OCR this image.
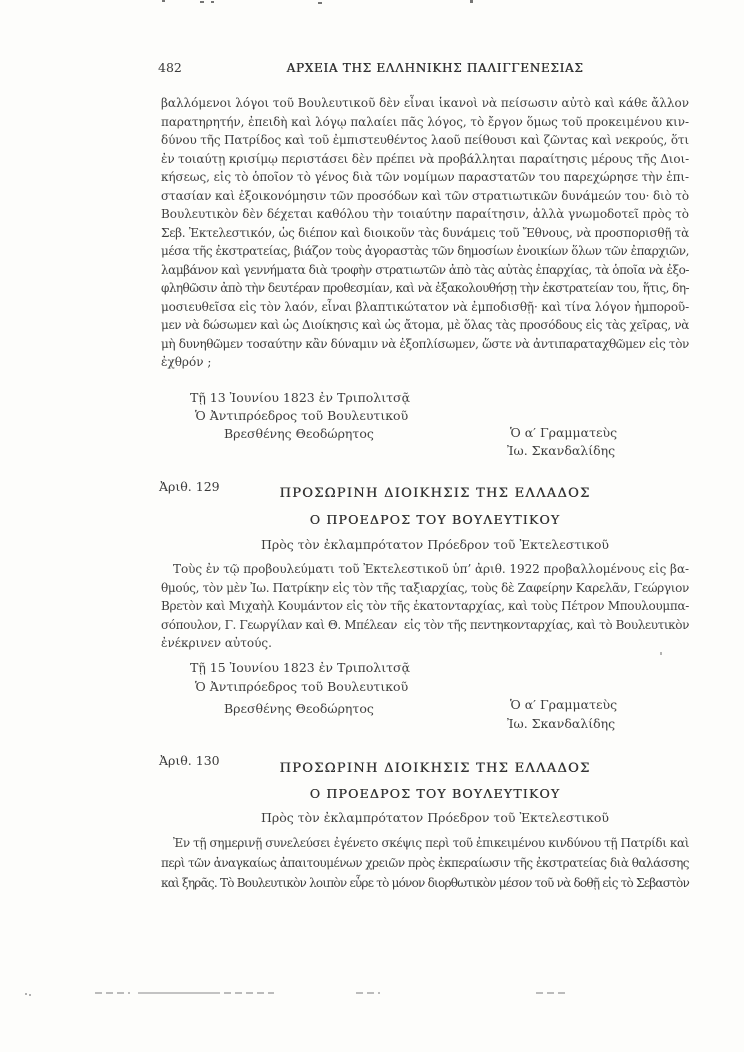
482	ΑΡΧΕΙΑ ΤΗΣ ΕΛΛΗΝΙΚΗΣ ΠΑΛΙΓΓΕΝΕΣΙΑΣ
βαλλόμενοι λόγοι τοῦ Βουλευτικοῦ δὲν εἶναι ἱκανοὶ νὰ πείσωσιν αὐτὸ καὶ κάθε ἄλλον
παρατηρητήν, ἐπειδὴ καὶ λόγῳ παλαίει πᾶς λόγος, τὸ ἔργον ὅμως τοῦ προκειμένου κιν-
δύνου τῆς Πατρίδος καὶ τοῦ ἐμπιστευθέντος λαοῦ πείθουσι καὶ ζῶντας καὶ νεκρούς, ὅτι
ἐν τοιαύτῃ κρισίμῳ περιστάσει δὲν πρέπει νὰ προβάλληται παραίτησις μέρους τῆς Διοι-
κήσεως, εἰς τὸ ὁποῖον τὸ γένος διὰ τῶν νομίμων παραστατῶν του παρεχώρησε τὴν ἐπι-
στασίαν καὶ ἐξοικονόμησιν τῶν προσόδων καὶ τῶν στρατιωτικῶν δυνάμεών του· διὸ τὸ
Βουλευτικὸν δὲν δέχεται καθόλου τὴν τοιαύτην παραίτησιν, ἀλλὰ γνωμοδοτεῖ πρὸς τὸ
Σεβ. Ἐκτελεστικόν, ὡς διέπον καὶ διοικοῦν τὰς δυνάμεις τοῦ Ἔθνους, νὰ προσπορισθῇ τὰ
μέσα τῆς ἐκστρατείας, βιάζον τοὺς ἀγοραστὰς τῶν δημοσίων ἐνοικίων ὅλων τῶν ἐπαρχιῶν,
λαμβάνον καὶ γεννήματα διὰ τροφὴν στρατιωτῶν ἀπὸ τὰς αὐτὰς ἐπαρχίας, τὰ ὁποῖα νὰ ἐξο-
φληθῶσιν ἀπὸ τὴν δευτέραν προθεσμίαν, καὶ νὰ ἐξακολουθήσῃ τὴν ἐκστρατείαν του, ἥτις, δη-
μοσιευθεῖσα εἰς τὸν λαόν, εἶναι βλαπτικώτατον νὰ ἐμποδισθῇ· καὶ τίνα λόγον ἠμποροῦ-
μεν νὰ δώσωμεν καὶ ὡς Διοίκησις καὶ ὡς ἄτομα, μὲ ὅλας τὰς προσόδους εἰς τὰς χεῖρας, νὰ
μὴ δυνηθῶμεν τοσαύτην κἂν δύναμιν νὰ ἐξοπλίσωμεν, ὥστε νὰ ἀντιπαραταχθῶμεν εἰς τὸν
ἐχθρόν ;
Τῇ 13 Ἰουνίου 1823 ἐν Τριπολιτσᾷ
Ὁ Ἀντιπρόεδρος τοῦ Βουλευτικοῦ
Βρεσθένης Θεοδώρητος	Ὁ α′ Γραμματεὺς
Ἰω. Σκανδαλίδης
Ἀριθ. 129	ΠΡΟΣΩΡΙΝΗ ΔΙΟΙΚΗΣΙΣ ΤΗΣ ΕΛΛΑΔΟΣ
Ο ΠΡΟΕΔΡΟΣ ΤΟΥ ΒΟΥΛΕΥΤΙΚΟΥ
Πρὸς τὸν ἐκλαμπρότατον Πρόεδρον τοῦ Ἐκτελεστικοῦ
Τοὺς ἐν τῷ προβουλεύματι τοῦ Ἐκτελεστικοῦ ὑπ’ ἀριθ. 1922 προβαλλομένους εἰς βα-
θμούς, τὸν μὲν Ἰω. Πατρίκην εἰς τὸν τῆς ταξιαρχίας, τοὺς δὲ Ζαφείρην Καρελᾶν, Γεώργιον
Βρετὸν καὶ Μιχαὴλ Κουμάντον εἰς τὸν τῆς ἑκατονταρχίας, καὶ τοὺς Πέτρον Μπουλουμπα-
σόπουλον, Γ. Γεωργίλαν καὶ Θ. Μπέλεαν  εἰς τὸν τῆς πεντηκονταρχίας, καὶ τὸ Βουλευτικὸν
ἐνέκρινεν αὐτούς.
Τῇ 15 Ἰουνίου 1823 ἐν Τριπολιτσᾷ
Ὁ Ἀντιπρόεδρος τοῦ Βουλευτικοῦ
Βρεσθένης Θεοδώρητος	Ὁ α′ Γραμματεὺς
Ἰω. Σκανδαλίδης
Ἀριθ. 130
ΠΡΟΣΩΡΙΝΗ ΔΙΟΙΚΗΣΙΣ ΤΗΣ ΕΛΛΑΔΟΣ
Ο ΠΡΟΕΔΡΟΣ ΤΟΥ ΒΟΥΛΕΥΤΙΚΟΥ
Πρὸς τὸν ἐκλαμπρότατον Πρόεδρον τοῦ Ἐκτελεστικοῦ
Ἐν τῇ σημερινῇ συνελεύσει ἐγένετο σκέψις περὶ τοῦ ἐπικειμένου κινδύνου τῇ Πατρίδι καὶ
περὶ τῶν ἀναγκαίως ἀπαιτουμένων χρειῶν πρὸς ἐκπεραίωσιν τῆς ἐκστρατείας διὰ θαλάσσης
καὶ ξηρᾶς. Τὸ Βουλευτικὸν λοιπὸν εὗρε τὸ μόνον διορθωτικὸν μέσον τοῦ νὰ δοθῇ εἰς τὸ Σεβαστὸν
